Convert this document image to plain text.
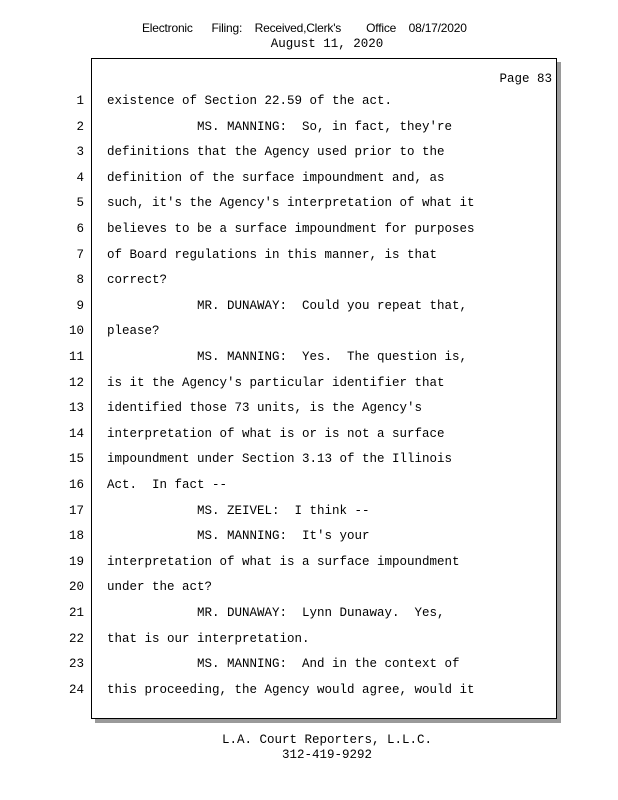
Electronic      Filing:    Received,Clerk's        Office    08/17/2020
August 11, 2020
Page 83
1 existence of Section 22.59 of the act.
2 MS. MANNING:  So, in fact, they're
3 definitions that the Agency used prior to the
4 definition of the surface impoundment and, as
5 such, it's the Agency's interpretation of what it
6 believes to be a surface impoundment for purposes
7 of Board regulations in this manner, is that
8 correct?
9 MR. DUNAWAY:  Could you repeat that,
10 please?
11 MS. MANNING:  Yes.  The question is,
12 is it the Agency's particular identifier that
13 identified those 73 units, is the Agency's
14 interpretation of what is or is not a surface
15 impoundment under Section 3.13 of the Illinois
16 Act.  In fact --
17 MS. ZEIVEL:  I think --
18 MS. MANNING:  It's your
19 interpretation of what is a surface impoundment
20 under the act?
21 MR. DUNAWAY:  Lynn Dunaway.  Yes,
22 that is our interpretation.
23 MS. MANNING:  And in the context of
24 this proceeding, the Agency would agree, would it
L.A. Court Reporters, L.L.C.
312-419-9292
